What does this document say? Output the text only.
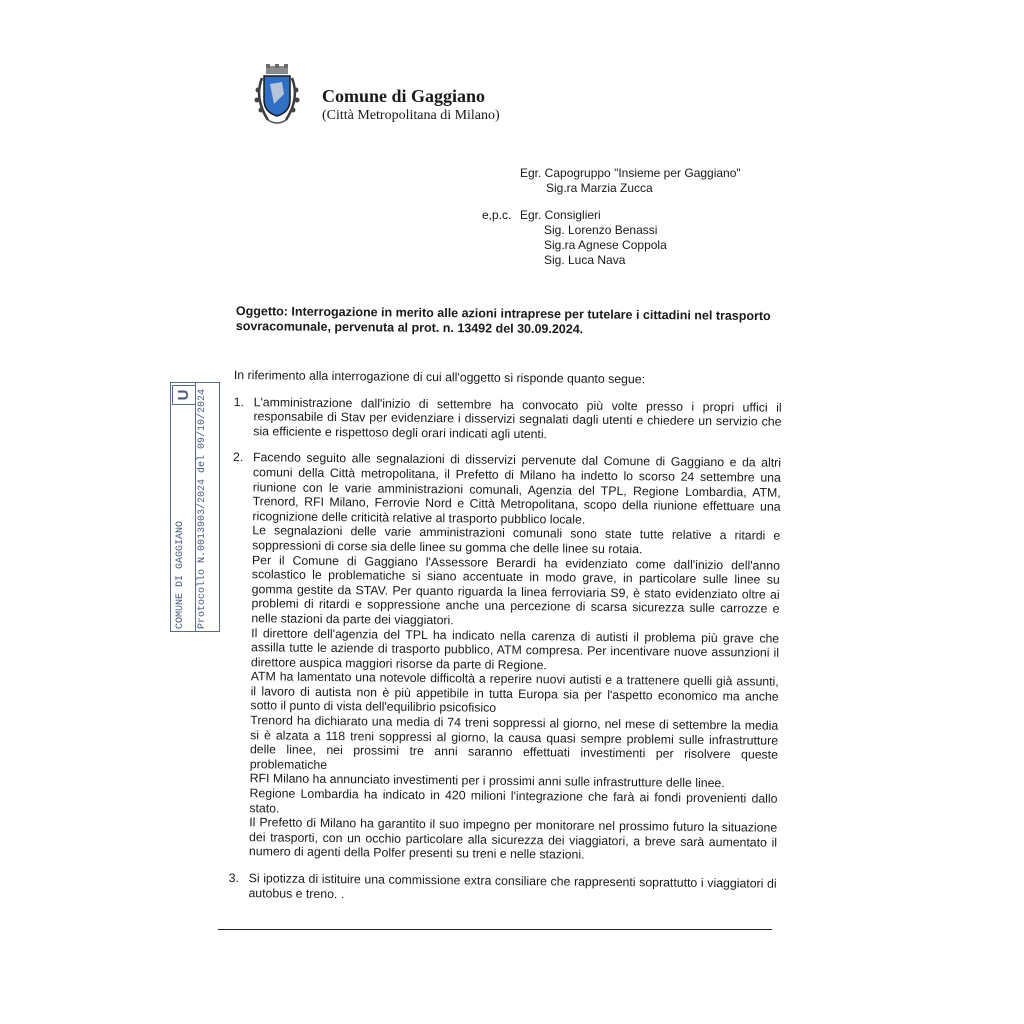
Comune di Gaggiano
(Città Metropolitana di Milano)
Egr. Capogruppo "Insieme per Gaggiano"
Sig.ra Marzia Zucca
e,p.c. Egr. Consiglieri
Sig. Lorenzo Benassi
Sig.ra Agnese Coppola
Sig. Luca Nava
Oggetto: Interrogazione in merito alle azioni intraprese per tutelare i cittadini nel trasporto sovracomunale, pervenuta al prot. n. 13492 del 30.09.2024.

In riferimento alla interrogazione di cui all'oggetto si risponde quanto segue:

1. L'amministrazione dall'inizio di settembre ha convocato più volte presso i propri uffici il responsabile di Stav per evidenziare i disservizi segnalati dagli utenti e chiedere un servizio che sia efficiente e rispettoso degli orari indicati agli utenti.

2. Facendo seguito alle segnalazioni di disservizi pervenute dal Comune di Gaggiano e da altri comuni della Città metropolitana, il Prefetto di Milano ha indetto lo scorso 24 settembre una riunione con le varie amministrazioni comunali, Agenzia del TPL, Regione Lombardia, ATM, Trenord, RFI Milano, Ferrovie Nord e Città Metropolitana, scopo della riunione effettuare una ricognizione delle criticità relative al trasporto pubblico locale.

Le segnalazioni delle varie amministrazioni comunali sono state tutte relative a ritardi e soppressioni di corse sia delle linee su gomma che delle linee su rotaia.

Per il Comune di Gaggiano l'Assessore Berardi ha evidenziato come dall'inizio dell'anno scolastico le problematiche si siano accentuate in modo grave, in particolare sulle linee su gomma gestite da STAV. Per quanto riguarda la linea ferroviaria S9, è stato evidenziato oltre ai problemi di ritardi e soppressione anche una percezione di scarsa sicurezza sulle carrozze e nelle stazioni da parte dei viaggiatori.

Il direttore dell'agenzia del TPL ha indicato nella carenza di autisti il problema più grave che assilla tutte le aziende di trasporto pubblico, ATM compresa. Per incentivare nuove assunzioni il direttore auspica maggiori risorse da parte di Regione.

ATM ha lamentato una notevole difficoltà a reperire nuovi autisti e a trattenere quelli già assunti, il lavoro di autista non è più appetibile in tutta Europa sia per l'aspetto economico ma anche sotto il punto di vista dell'equilibrio psicofisico

Trenord ha dichiarato una media di 74 treni soppressi al giorno, nel mese di settembre la media si è alzata a 118 treni soppressi al giorno, la causa quasi sempre problemi sulle infrastrutture delle linee, nei prossimi tre anni saranno effettuati investimenti per risolvere queste problematiche

RFI Milano ha annunciato investimenti per i prossimi anni sulle infrastrutture delle linee.

Regione Lombardia ha indicato in 420 milioni l'integrazione che farà ai fondi provenienti dallo stato.

Il Prefetto di Milano ha garantito il suo impegno per monitorare nel prossimo futuro la situazione dei trasporti, con un occhio particolare alla sicurezza dei viaggiatori, a breve sarà aumentato il numero di agenti della Polfer presenti su treni e nelle stazioni.

3. Si ipotizza di istituire una commissione extra consiliare che rappresenti soprattutto i viaggiatori di autobus e treno. .

COMUNE DI GAGGIANO Protocollo N.0013903/2024 del 09/10/2024
U
